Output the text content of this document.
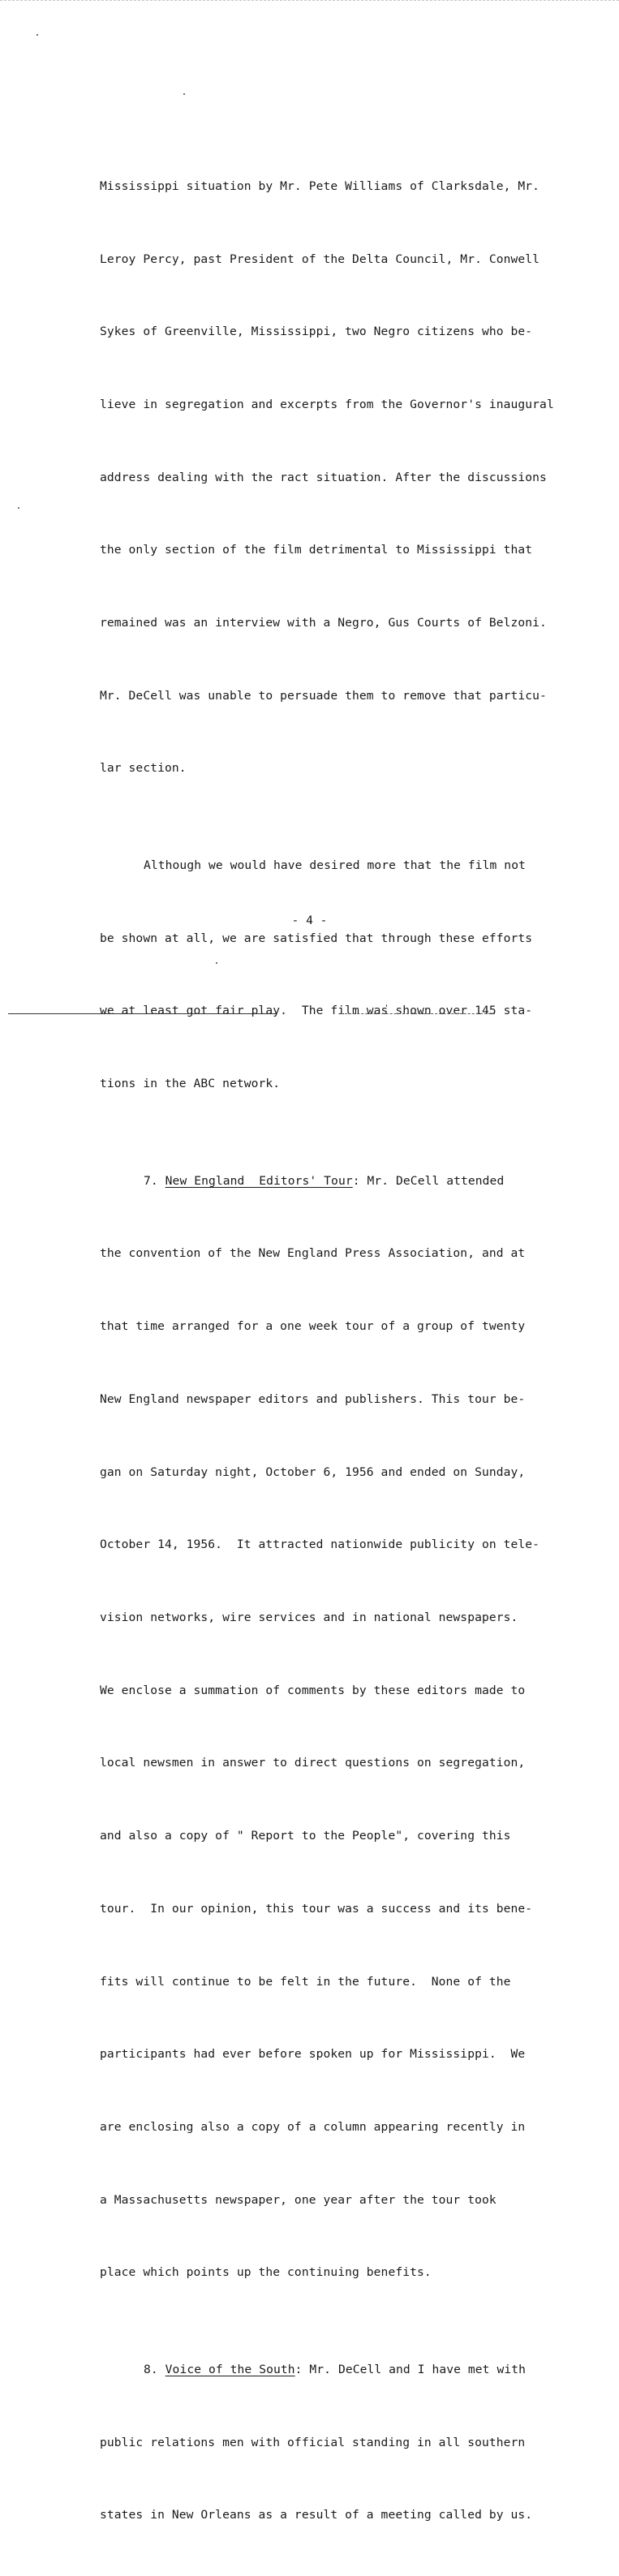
Mississippi situation by Mr. Pete Williams of Clarksdale, Mr.

Leroy Percy, past President of the Delta Council, Mr. Conwell

Sykes of Greenville, Mississippi, two Negro citizens who be-

lieve in segregation and excerpts from the Governor's inaugural

address dealing with the ract situation. After the discussions

the only section of the film detrimental to Mississippi that

remained was an interview with a Negro, Gus Courts of Belzoni.

Mr. DeCell was unable to persuade them to remove that particu-

lar section.

Although we would have desired more that the film not

be shown at all, we are satisfied that through these efforts

we at least got fair play.  The film was shown over 145 sta-

tions in the ABC network.

7. New England  Editors' Tour: Mr. DeCell attended

the convention of the New England Press Association, and at

that time arranged for a one week tour of a group of twenty

New England newspaper editors and publishers. This tour be-

gan on Saturday night, October 6, 1956 and ended on Sunday,

October 14, 1956.  It attracted nationwide publicity on tele-

vision networks, wire services and in national newspapers.

We enclose a summation of comments by these editors made to

local newsmen in answer to direct questions on segregation,

and also a copy of " Report to the People", covering this

tour.  In our opinion, this tour was a success and its bene-

fits will continue to be felt in the future.  None of the

participants had ever before spoken up for Mississippi.  We

are enclosing also a copy of a column appearing recently in

a Massachusetts newspaper, one year after the tour took

place which points up the continuing benefits.

8. Voice of the South: Mr. DeCell and I have met with

public relations men with official standing in all southern

states in New Orleans as a result of a meeting called by us.

- 4 -
